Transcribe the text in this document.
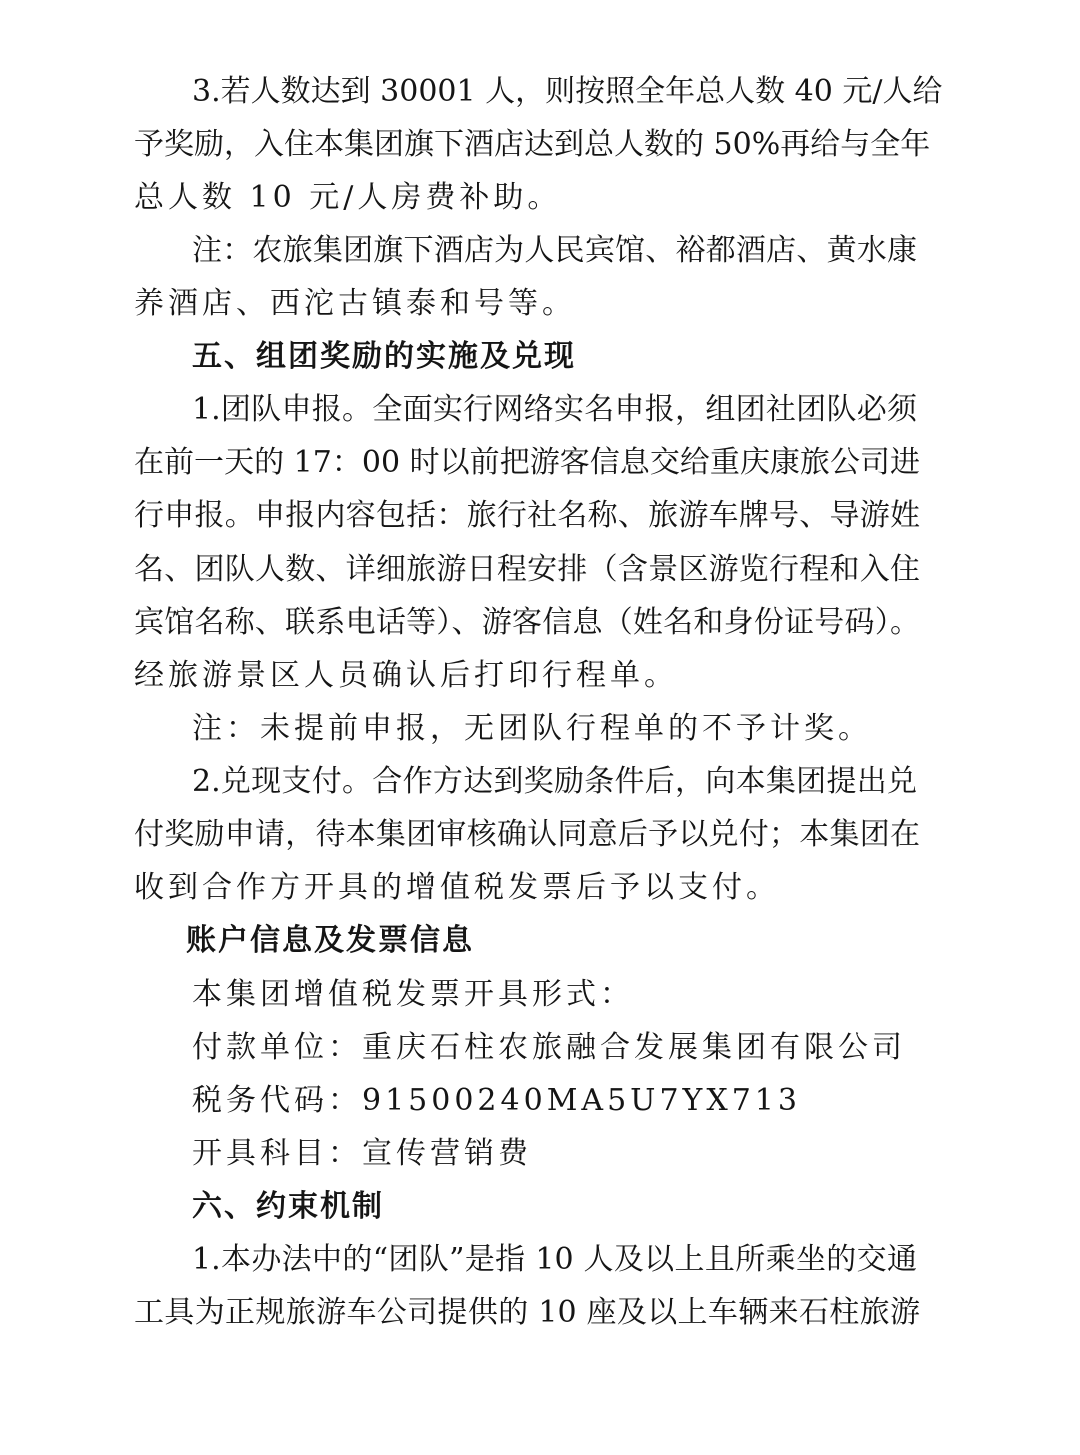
3.若人数达到 30001 人，则按照全年总人数 40 元/人给
予奖励，入住本集团旗下酒店达到总人数的 50%再给与全年
总人数 10 元/人房费补助。
注：农旅集团旗下酒店为人民宾馆、裕都酒店、黄水康
养酒店、西沱古镇泰和号等。
五、组团奖励的实施及兑现
1.团队申报。全面实行网络实名申报，组团社团队必须
在前一天的 17：00 时以前把游客信息交给重庆康旅公司进
行申报。申报内容包括：旅行社名称、旅游车牌号、导游姓
名、团队人数、详细旅游日程安排（含景区游览行程和入住
宾馆名称、联系电话等）、游客信息（姓名和身份证号码）。
经旅游景区人员确认后打印行程单。
注：未提前申报，无团队行程单的不予计奖。
2.兑现支付。合作方达到奖励条件后，向本集团提出兑
付奖励申请，待本集团审核确认同意后予以兑付；本集团在
收到合作方开具的增值税发票后予以支付。
账户信息及发票信息
本集团增值税发票开具形式：
付款单位：重庆石柱农旅融合发展集团有限公司
税务代码：91500240MA5U7YX713
开具科目：宣传营销费
六、约束机制
1.本办法中的“团队”是指 10 人及以上且所乘坐的交通
工具为正规旅游车公司提供的 10 座及以上车辆来石柱旅游
